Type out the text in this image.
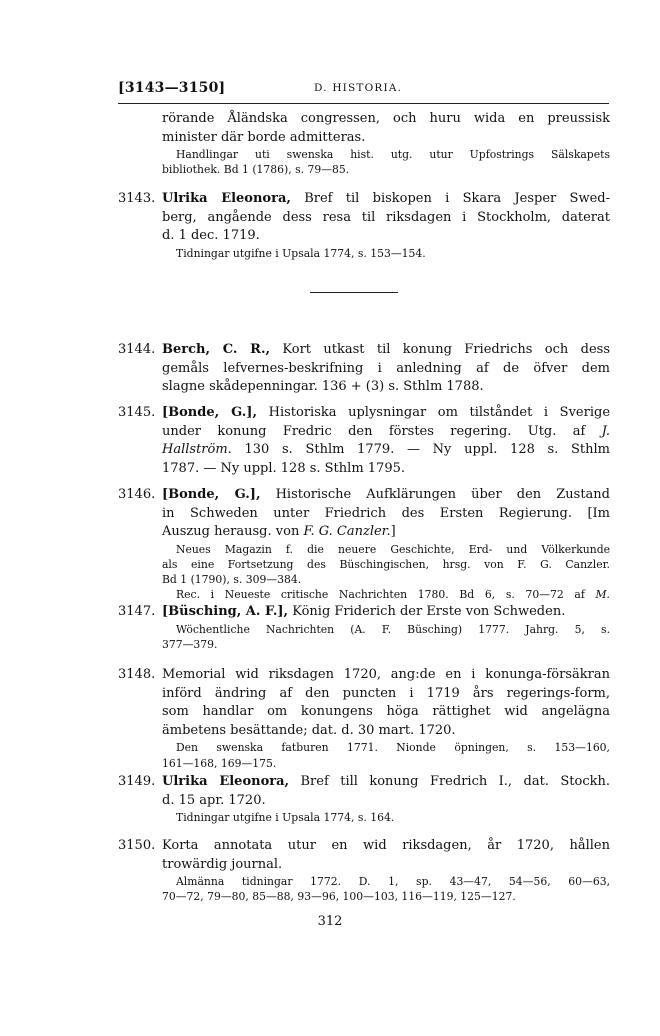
[3143—3150]	D. HISTORIA.
rörande Åländska congressen, och huru wida en preussisk
minister där borde admitteras.
Handlingar uti swenska hist. utg. utur Upfostrings Sälskapets
bibliothek. Bd 1 (1786), s. 79—85.
3143. Ulrika Eleonora, Bref til biskopen i Skara Jesper Swed-
berg, angående dess resa til riksdagen i Stockholm, daterat
d. 1 dec. 1719.
Tidningar utgifne i Upsala 1774, s. 153—154.
3144. Berch, C. R., Kort utkast til konung Friedrichs och dess
gemåls lefvernes-beskrifning i anledning af de öfver dem
slagne skådepenningar. 136 + (3) s. Sthlm 1788.
3145. [Bonde, G.], Historiska uplysningar om tilståndet i Sverige
under konung Fredric den förstes regering. Utg. af J.
Hallström. 130 s. Sthlm 1779. — Ny uppl. 128 s. Sthlm
1787. — Ny uppl. 128 s. Sthlm 1795.
3146. [Bonde, G.], Historische Aufklärungen über den Zustand
in Schweden unter Friedrich des Ersten Regierung. [Im
Auszug herausg. von F. G. Canzler.]
Neues Magazin f. die neuere Geschichte, Erd- und Völkerkunde
als eine Fortsetzung des Büschingischen, hrsg. von F. G. Canzler.
Bd 1 (1790), s. 309—384.
Rec. i Neueste critische Nachrichten 1780. Bd 6, s. 70—72 af M.
3147. [Büsching, A. F.], König Friderich der Erste von Schweden.
Wöchentliche Nachrichten (A. F. Büsching) 1777. Jahrg. 5, s.
377—379.
3148. Memorial wid riksdagen 1720, ang:de en i konunga-försäkran
införd ändring af den puncten i 1719 års regerings-form,
som handlar om konungens höga rättighet wid angelägna
ämbetens besättande; dat. d. 30 mart. 1720.
Den swenska fatburen 1771. Nionde öpningen, s. 153—160,
161—168, 169—175.
3149. Ulrika Eleonora, Bref till konung Fredrich I., dat. Stockh.
d. 15 apr. 1720.
Tidningar utgifne i Upsala 1774, s. 164.
3150. Korta annotata utur en wid riksdagen, år 1720, hållen
trowärdig journal.
Almänna tidningar 1772. D. 1, sp. 43—47, 54—56, 60—63,
70—72, 79—80, 85—88, 93—96, 100—103, 116—119, 125—127.
312
